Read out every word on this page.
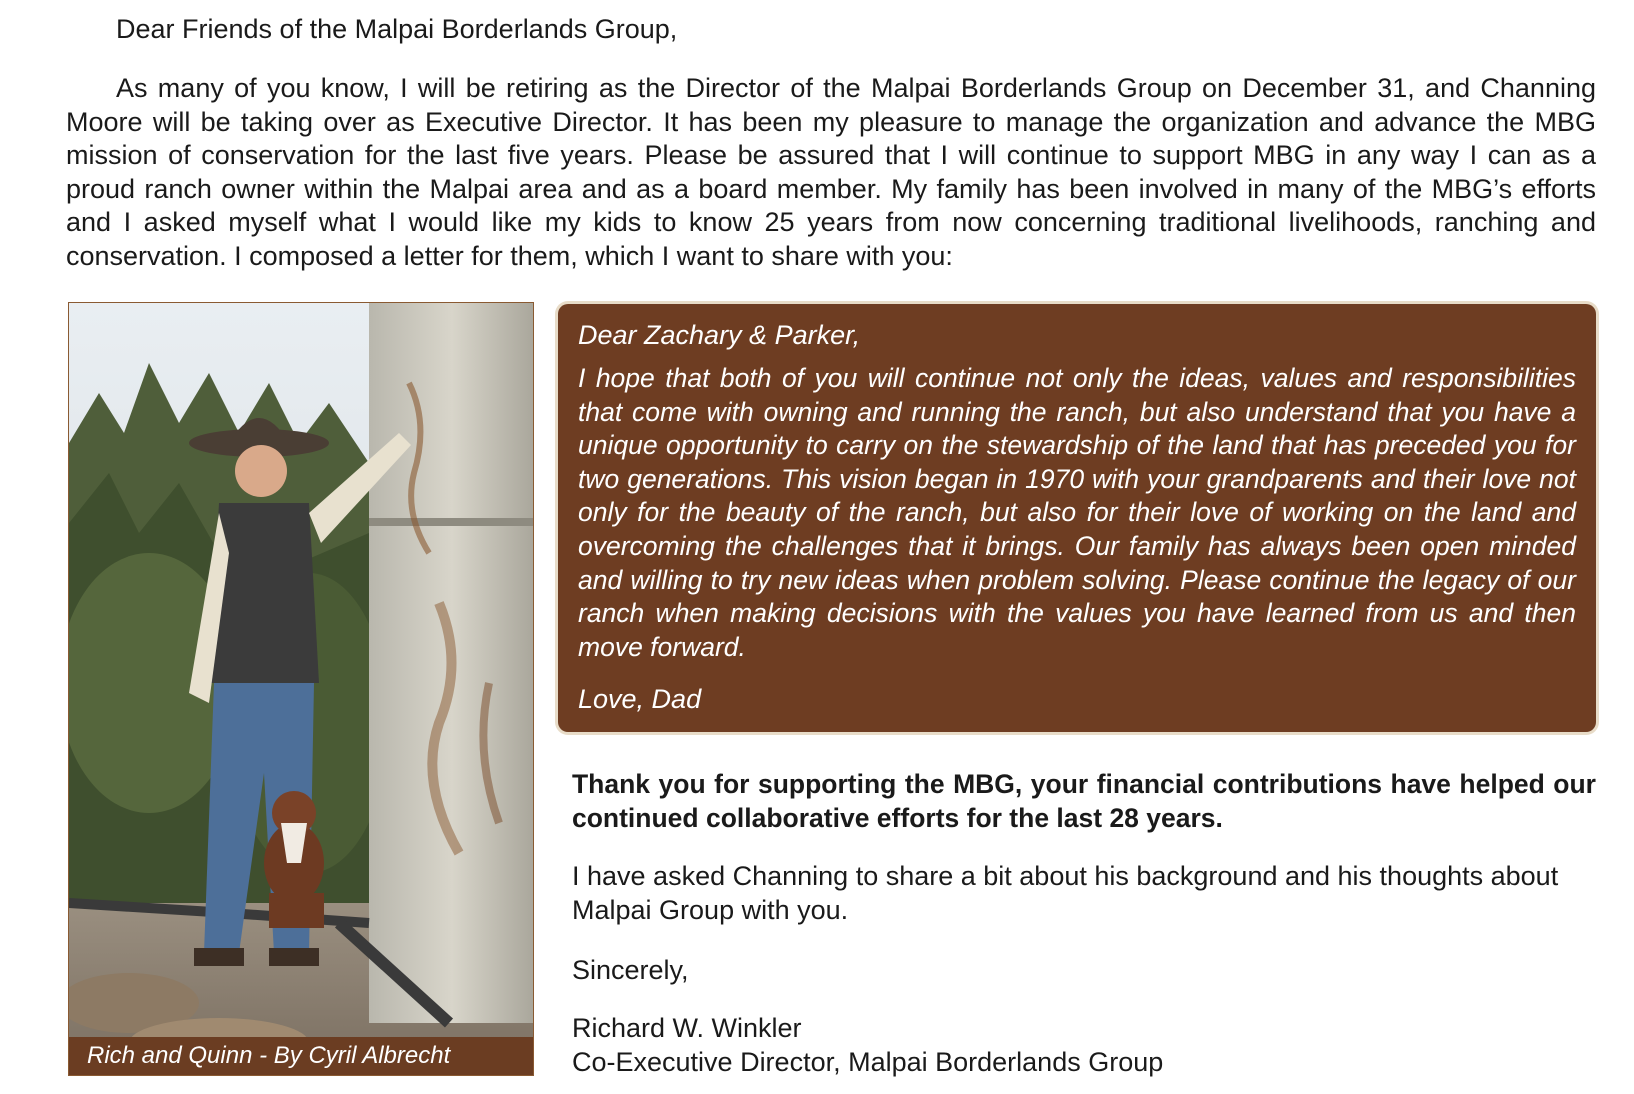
Dear Friends of the Malpai Borderlands Group,

As many of you know, I will be retiring as the Director of the Malpai Borderlands Group on December 31, and Channing Moore will be taking over as Executive Director. It has been my pleasure to manage the organization and advance the MBG mission of conservation for the last five years. Please be assured that I will continue to support MBG in any way I can as a proud ranch owner within the Malpai area and as a board member. My family has been involved in many of the MBG’s efforts and I asked myself what I would like my kids to know 25 years from now concerning traditional livelihoods, ranching and conservation. I composed a letter for them, which I want to share with you:

Rich and Quinn - By Cyril Albrecht

Dear Zachary & Parker,

I hope that both of you will continue not only the ideas, values and responsibilities that come with owning and running the ranch, but also understand that you have a unique opportunity to carry on the stewardship of the land that has preceded you for two generations. This vision began in 1970 with your grandparents and their love not only for the beauty of the ranch, but also for their love of working on the land and overcoming the challenges that it brings. Our family has always been open minded and willing to try new ideas when problem solving. Please continue the legacy of our ranch when making decisions with the values you have learned from us and then move forward.

Love, Dad

Thank you for supporting the MBG, your financial contributions have helped our continued collaborative efforts for the last 28 years.

I have asked Channing to share a bit about his background and his thoughts about Malpai Group with you.

Sincerely,

Richard W. Winkler
Co-Executive Director, Malpai Borderlands Group
